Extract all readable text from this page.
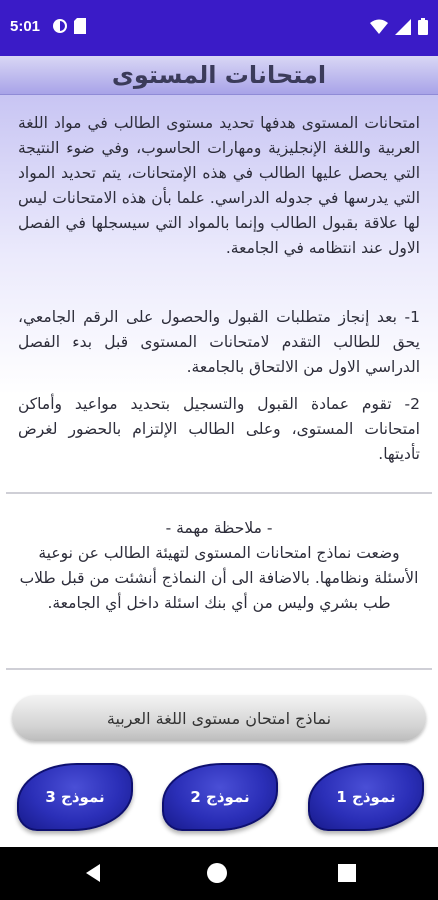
5:01
امتحانات المستوى

امتحانات المستوى هدفها تحديد مستوى الطالب في مواد اللغة العربية واللغة الإنجليزية ومهارات الحاسوب، وفي ضوء النتيجة التي يحصل عليها الطالب في هذه الإمتحانات، يتم تحديد المواد التي يدرسها في جدوله الدراسي. علما بأن هذه الامتحانات ليس لها علاقة بقبول الطالب وإنما بالمواد التي سيسجلها في الفصل الاول عند انتظامه في الجامعة.

1- بعد إنجاز متطلبات القبول والحصول على الرقم الجامعي، يحق للطالب التقدم لامتحانات المستوى قبل بدء الفصل الدراسي الاول من الالتحاق بالجامعة.

2- تقوم عمادة القبول والتسجيل بتحديد مواعيد وأماكن امتحانات المستوى، وعلى الطالب الإلتزام بالحضور لغرض تأديتها.

- ملاحظة مهمة -
وضعت نماذج امتحانات المستوى لتهيئة الطالب عن نوعية الأسئلة ونظامها. بالاضافة الى أن النماذج أنشئت من قبل طلاب طب بشري وليس من أي بنك اسئلة داخل أي الجامعة.
نماذج امتحان مستوى اللغة العربية
نموذج 1
نموذج 2
نموذج 3
